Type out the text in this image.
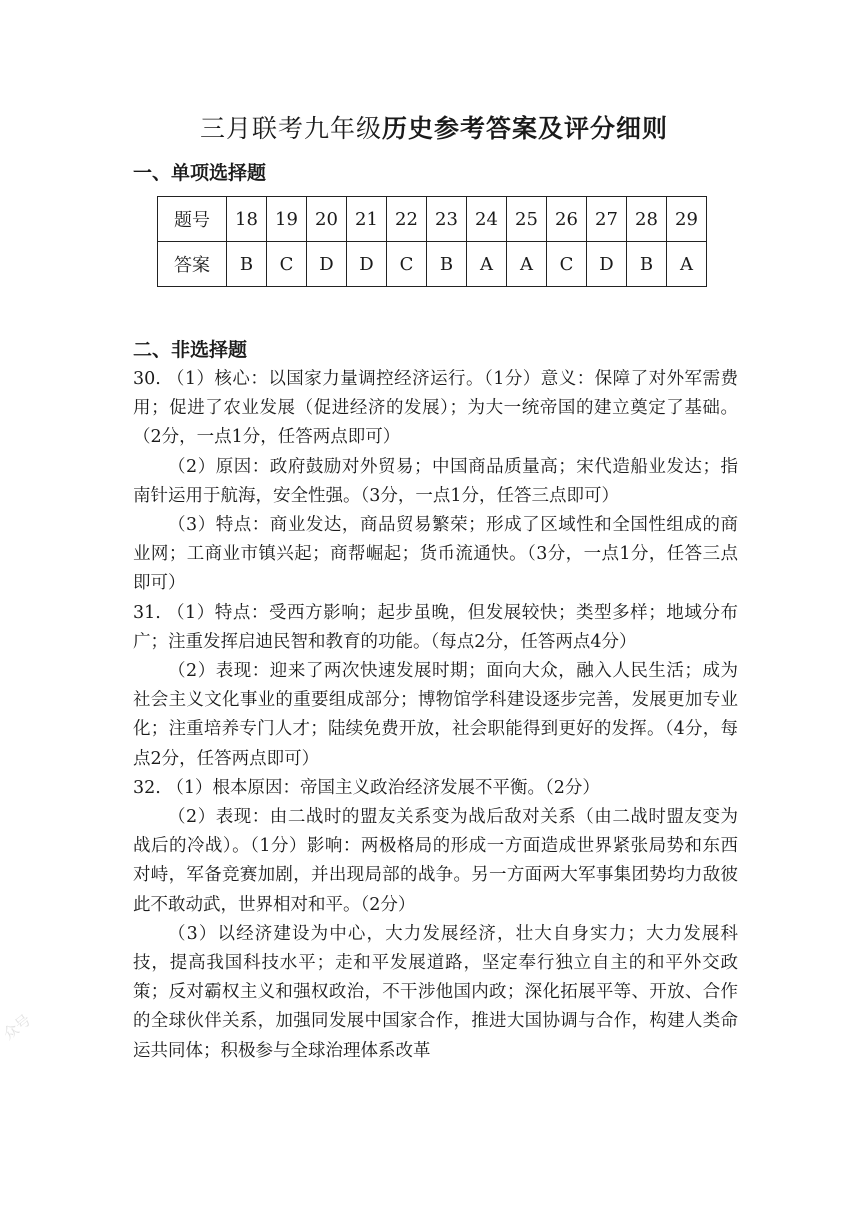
三月联考九年级历史参考答案及评分细则
一、单项选择题
题号	18	19	20	21	22	23	24	25	26	27	28	29
答案	B	C	D	D	C	B	A	A	C	D	B	A
二、非选择题

30. （1）核心：以国家力量调控经济运行。（1分）意义：保障了对外军需费用；促进了农业发展（促进经济的发展）；为大一统帝国的建立奠定了基础。（2分，一点1分，任答两点即可）

（2）原因：政府鼓励对外贸易；中国商品质量高；宋代造船业发达；指南针运用于航海，安全性强。（3分，一点1分，任答三点即可）

（3）特点：商业发达，商品贸易繁荣；形成了区域性和全国性组成的商业网；工商业市镇兴起；商帮崛起；货币流通快。（3分，一点1分，任答三点即可）

31. （1）特点：受西方影响；起步虽晚，但发展较快；类型多样；地域分布广；注重发挥启迪民智和教育的功能。（每点2分，任答两点4分）

（2）表现：迎来了两次快速发展时期；面向大众，融入人民生活；成为社会主义文化事业的重要组成部分；博物馆学科建设逐步完善，发展更加专业化；注重培养专门人才；陆续免费开放，社会职能得到更好的发挥。（4分，每点2分，任答两点即可）

32. （1）根本原因：帝国主义政治经济发展不平衡。（2分）

（2）表现：由二战时的盟友关系变为战后敌对关系（由二战时盟友变为战后的冷战）。（1分）影响：两极格局的形成一方面造成世界紧张局势和东西对峙，军备竞赛加剧，并出现局部的战争。另一方面两大军事集团势均力敌彼此不敢动武，世界相对和平。（2分）

（3）以经济建设为中心，大力发展经济，壮大自身实力；大力发展科技，提高我国科技水平；走和平发展道路，坚定奉行独立自主的和平外交政策；反对霸权主义和强权政治，不干涉他国内政；深化拓展平等、开放、合作的全球伙伴关系，加强同发展中国家合作，推进大国协调与合作，构建人类命运共同体；积极参与全球治理体系改革

众号
